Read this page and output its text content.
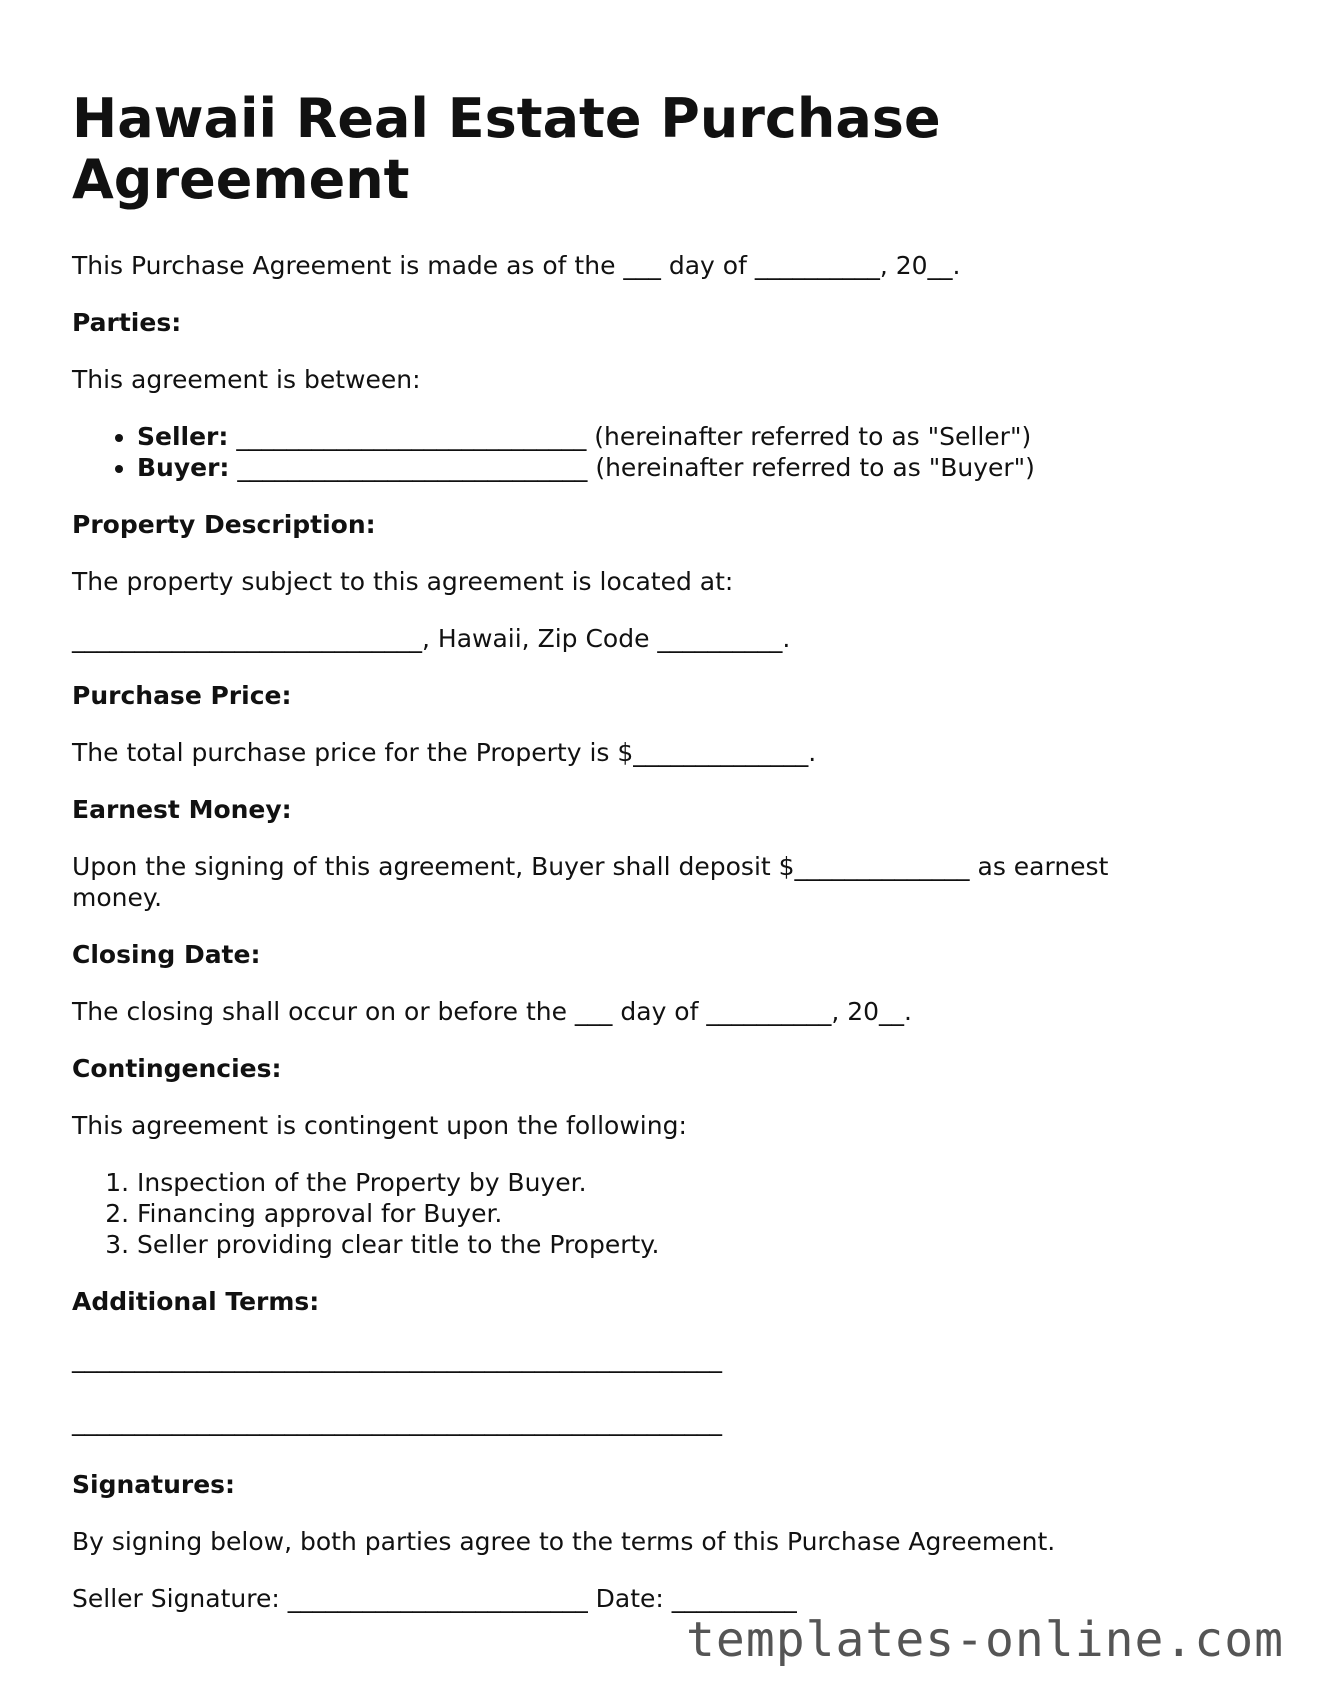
Hawaii Real Estate Purchase Agreement

This Purchase Agreement is made as of the ___ day of __________, 20__.

Parties:

This agreement is between:

• Seller: ____________________________ (hereinafter referred to as "Seller")
• Buyer: ____________________________ (hereinafter referred to as "Buyer")
Property Description:

The property subject to this agreement is located at:

____________________________, Hawaii, Zip Code __________.

Purchase Price:

The total purchase price for the Property is $______________.

Earnest Money:

Upon the signing of this agreement, Buyer shall deposit $______________ as earnest money.

Closing Date:

The closing shall occur on or before the ___ day of __________, 20__.

Contingencies:

This agreement is contingent upon the following:

1. Inspection of the Property by Buyer.
2. Financing approval for Buyer.
3. Seller providing clear title to the Property.
Additional Terms:
____________________________________________________
____________________________________________________
Signatures:

By signing below, both parties agree to the terms of this Purchase Agreement.

Seller Signature: ________________________ Date: __________

templates-online.com
